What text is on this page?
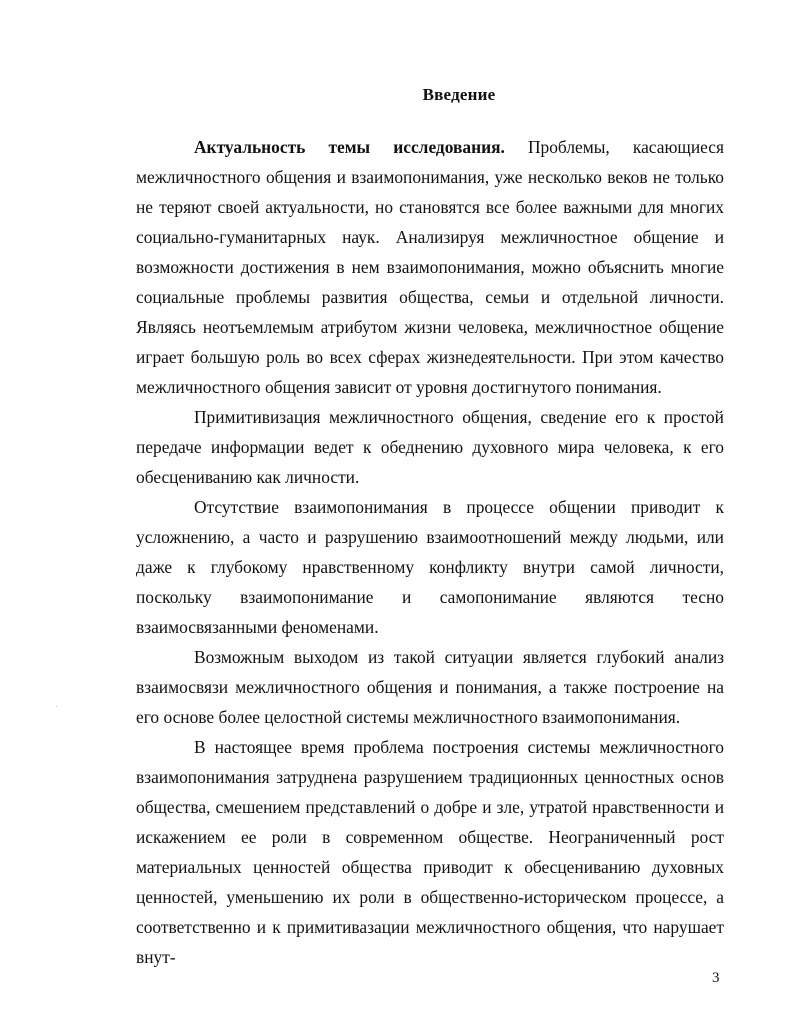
Введение

Актуальность темы исследования. Проблемы, касающиеся межличностного общения и взаимопонимания, уже несколько веков не только не теряют своей актуальности, но становятся все более важными для многих социально-гуманитарных наук. Анализируя межличностное общение и возможности достижения в нем взаимопонимания, можно объяснить многие социальные проблемы развития общества, семьи и отдельной личности. Являясь неотъемлемым атрибутом жизни человека, межличностное общение играет большую роль во всех сферах жизнедеятельности. При этом качество межличностного общения зависит от уровня достигнутого понимания.

Примитивизация межличностного общения, сведение его к простой передаче информации ведет к обеднению духовного мира человека, к его обесцениванию как личности.

Отсутствие взаимопонимания в процессе общении приводит к усложнению, а часто и разрушению взаимоотношений между людьми, или даже к глубокому нравственному конфликту внутри самой личности, поскольку взаимопонимание и самопонимание являются тесно взаимосвязанными феноменами.

Возможным выходом из такой ситуации является глубокий анализ взаимосвязи межличностного общения и понимания, а также построение на его основе более целостной системы межличностного взаимопонимания.

В настоящее время проблема построения системы межличностного взаимопонимания затруднена разрушением традиционных ценностных основ общества, смешением представлений о добре и зле, утратой нравственности и искажением ее роли в современном обществе. Неограниченный рост материальных ценностей общества приводит к обесцениванию духовных ценностей, уменьшению их роли в общественно-историческом процессе, а соответственно и к примитивазации межличностного общения, что нарушает внут-

3
